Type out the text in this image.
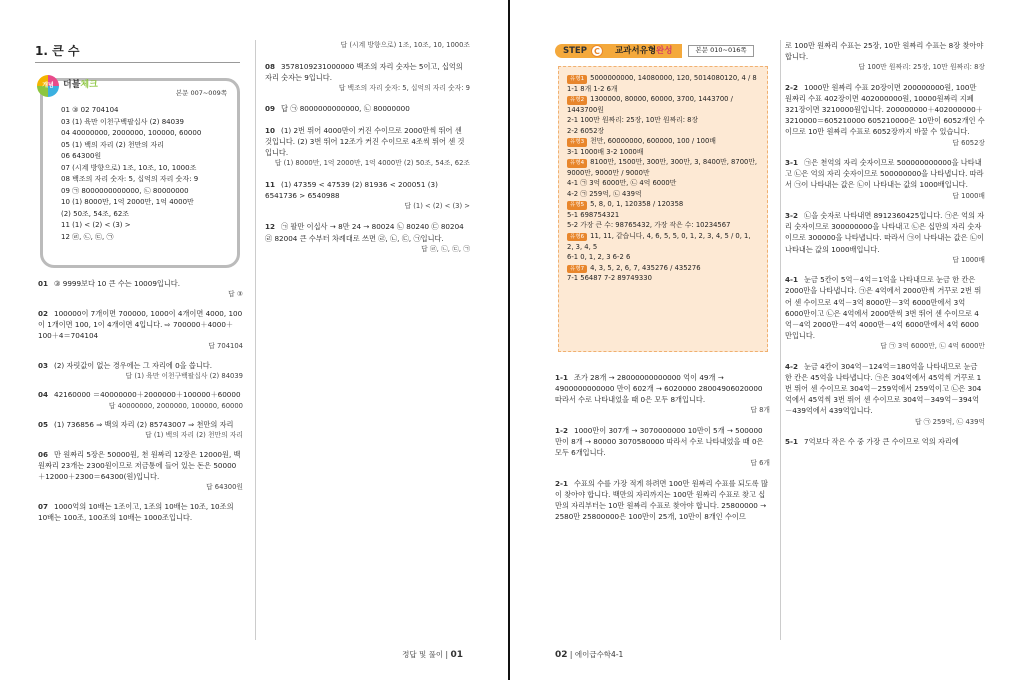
1. 큰 수
개념	더블체크
본문 007~009쪽
01 ③ 02 704104
03 (1) 육만 이천구백팔십사 (2) 84039
04 40000000, 2000000, 100000, 60000
05 (1) 백의 자리 (2) 천만의 자리
06 64300원
07 (시계 방향으로) 1조, 10조, 10, 1000조
08 백조의 자리 숫자: 5, 십억의 자리 숫자: 9
09 ㉠ 8000000000000, ㉡ 80000000
10 (1) 8000만, 1억 2000만, 1억 4000만
(2) 50조, 54조, 62조
11 (1) < (2) < (3) >
12 ㉣, ㉡, ㉢, ㉠
01 ③ 9999보다 10 큰 수는 10009입니다.
답 ③
02 100000이 7개이면 700000, 1000이 4개이면 4000, 100이 1개이면 100, 1이 4개이면 4입니다. ⇨ 700000＋4000＋100＋4＝704104
답 704104
03 (2) 자릿값이 없는 경우에는 그 자리에 0을 씁니다.
답 (1) 육만 이천구백팔십사 (2) 84039
04 42160000 ＝40000000＋2000000＋100000＋60000
답 40000000, 2000000, 100000, 60000
05 (1) 736856 ⇒ 백의 자리 (2) 85743007 ⇒ 천만의 자리
답 (1) 백의 자리 (2) 천만의 자리
06 만 원짜리 5장은 50000원, 천 원짜리 12장은 12000원, 백 원짜리 23개는 2300원이므로 저금통에 들어 있는 돈은 50000＋12000＋2300＝64300(원)입니다.
답 64300원
07 1000억의 10배는 1조이고, 1조의 10배는 10조, 10조의 10배는 100조, 100조의 10배는 1000조입니다.
답 (시계 방향으로) 1조, 10조, 10, 1000조
08 3578109231000000 백조의 자리 숫자는 5이고, 십억의 자리 숫자는 9입니다.
답 백조의 자리 숫자: 5, 십억의 자리 숫자: 9
09 답 ㉠ 8000000000000, ㉡ 80000000
10 (1) 2번 뛰어 4000만이 커진 수이므로 2000만씩 뛰어 센 것입니다. (2) 3번 뛰어 12조가 커진 수이므로 4조씩 뛰어 센 것입니다.
답 (1) 8000만, 1억 2000만, 1억 4000만 (2) 50조, 54조, 62조
11 (1) 47359 < 47539 (2) 81936 < 200051 (3) 6541736 > 6540988
답 (1) < (2) < (3) >
12 ㉠ 팔만 이십사 → 8만 24 → 80024 ㉡ 80240 ㉢ 80204 ㉣ 82004 큰 수부터 차례대로 쓰면 ㉣, ㉡, ㉢, ㉠입니다.
답 ㉣, ㉡, ㉢, ㉠
정답 및 풀이 | 01
STEP C	교과서유형완성	본문 010~016쪽
유형1 5000000000, 14080000, 120, 5014080120, 4 / 8
1-1 8개 1-2 6개
유형2 1300000, 80000, 60000, 3700, 1443700 / 1443700원
2-1 100만 원짜리: 25장, 10만 원짜리: 8장
2-2 6052장
유형3 천만, 60000000, 600000, 100 / 100배
3-1 1000배 3-2 1000배
유형4 8100만, 1500만, 300만, 300만, 3, 8400만, 8700만, 9000만, 9000만 / 9000만
4-1 ㉠ 3억 6000만, ㉡ 4억 6000만
4-2 ㉠ 259억, ㉡ 439억
유형5 5, 8, 0, 1, 120358 / 120358
5-1 698754321
5-2 가장 큰 수: 98765432, 가장 작은 수: 10234567
유형6 11, 11, 같습니다, 4, 6, 5, 5, 0, 1, 2, 3, 4, 5 / 0, 1, 2, 3, 4, 5
6-1 0, 1, 2, 3 6-2 6
유형7 4, 3, 5, 2, 6, 7, 435276 / 435276
7-1 56487 7-2 89749330
1-1 조가 28개 → 28000000000000 억이 49개 → 4900000000000 만이 602개 → 6020000 28004906020000 따라서 수로 나타내었을 때 0은 모두 8개입니다.
답 8개
1-2 1000만이 307개 → 3070000000 10만이 5개 → 500000 만이 8개 → 80000 3070580000 따라서 수로 나타내었을 때 0은 모두 6개입니다.
답 6개
2-1 수표의 수를 가장 적게 하려면 100만 원짜리 수표를 되도록 많이 찾아야 합니다. 백만의 자리까지는 100만 원짜리 수표로 찾고 십만의 자리부터는 10만 원짜리 수표로 찾아야 합니다. 25800000 → 2580만 25800000은 100만이 25개, 10만이 8개인 수이므
로 100만 원짜리 수표는 25장, 10만 원짜리 수표는 8장 찾아야 합니다.
답 100만 원짜리: 25장, 10만 원짜리: 8장
2-2 1000만 원짜리 수표 20장이면 200000000원, 100만 원짜리 수표 402장이면 402000000원, 10000원짜리 지폐 321장이면 3210000원입니다. 200000000＋402000000＋3210000＝605210000 605210000은 10만이 6052개인 수이므로 10만 원짜리 수표로 6052장까지 바꿀 수 있습니다.
답 6052장
3-1 ㉠은 천억의 자리 숫자이므로 500000000000을 나타내고 ㉡은 억의 자리 숫자이므로 500000000을 나타냅니다. 따라서 ㉠이 나타내는 값은 ㉡이 나타내는 값의 1000배입니다.
답 1000배
3-2 ㉡을 숫자로 나타내면 8912360425입니다. ㉠은 억의 자리 숫자이므로 300000000을 나타내고 ㉡은 십만의 자리 숫자이므로 300000을 나타냅니다. 따라서 ㉠이 나타내는 값은 ㉡이 나타내는 값의 1000배입니다.
답 1000배
4-1 눈금 5칸이 5억－4억＝1억을 나타내므로 눈금 한 칸은 2000만을 나타냅니다. ㉠은 4억에서 2000만씩 거꾸로 2번 뛰어 센 수이므로 4억－3억 8000만－3억 6000만에서 3억 6000만이고 ㉡은 4억에서 2000만씩 3번 뛰어 센 수이므로 4억－4억 2000만－4억 4000만－4억 6000만에서 4억 6000만입니다.
답 ㉠ 3억 6000만, ㉡ 4억 6000만
4-2 눈금 4칸이 304억－124억＝180억을 나타내므로 눈금 한 칸은 45억을 나타냅니다. ㉠은 304억에서 45억씩 거꾸로 1번 뛰어 센 수이므로 304억－259억에서 259억이고 ㉡은 304억에서 45억씩 3번 뛰어 센 수이므로 304억－349억－394억－439억에서 439억입니다.
답 ㉠ 259억, ㉡ 439억
5-1 7억보다 작은 수 중 가장 큰 수이므로 억의 자리에
02 | 에이급수학4-1
